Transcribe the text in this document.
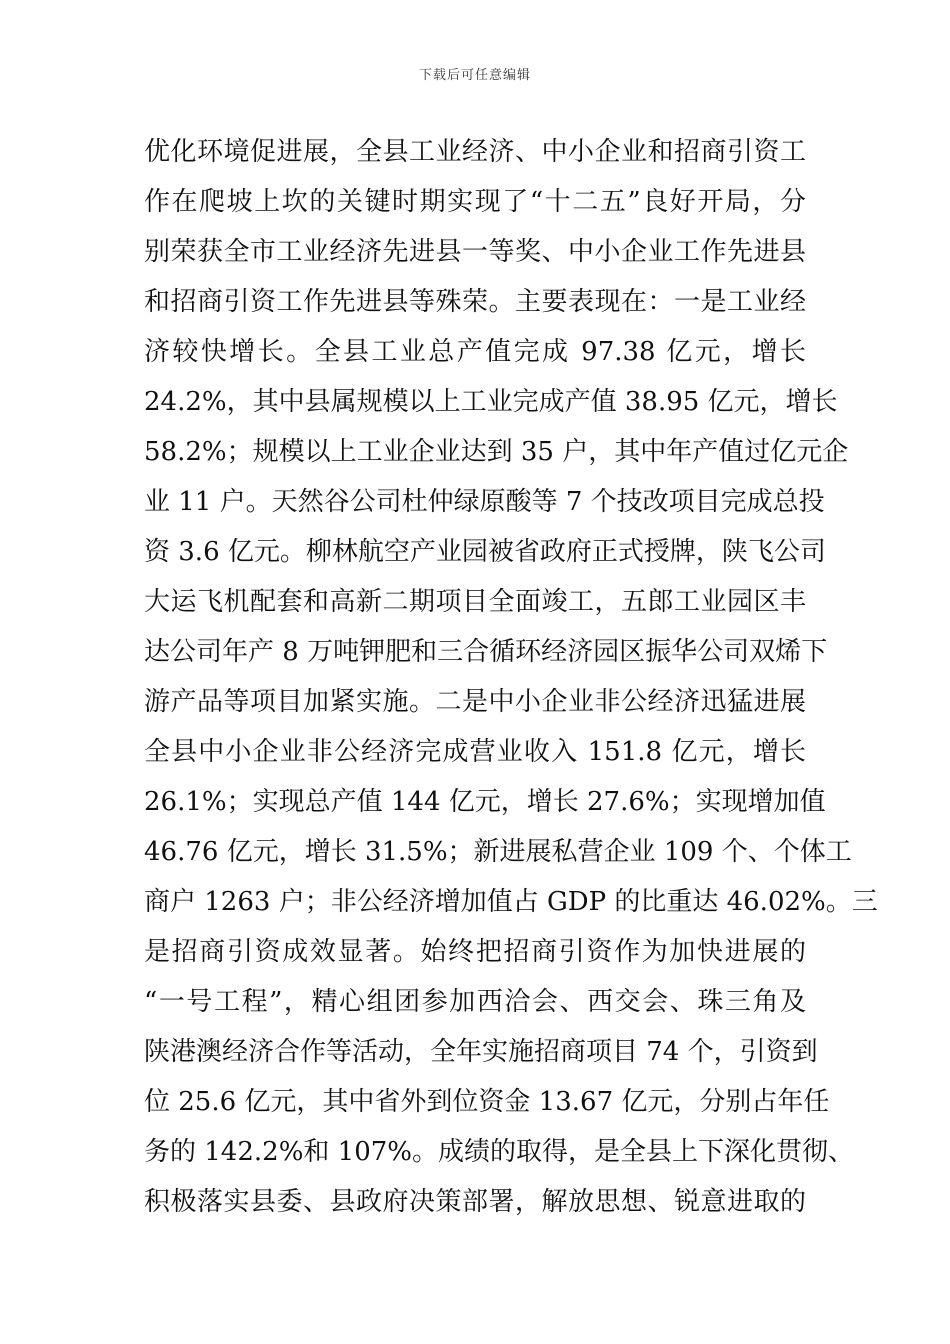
下载后可任意编辑
优化环境促进展，全县工业经济、中小企业和招商引资工
作在爬坡上坎的关键时期实现了“十二五”良好开局，分
别荣获全市工业经济先进县一等奖、中小企业工作先进县
和招商引资工作先进县等殊荣。主要表现在：一是工业经
济较快增长。全县工业总产值完成 97.38 亿元，增长
24.2%，其中县属规模以上工业完成产值 38.95 亿元，增长
58.2%；规模以上工业企业达到 35 户，其中年产值过亿元企
业 11 户。天然谷公司杜仲绿原酸等 7 个技改项目完成总投
资 3.6 亿元。柳林航空产业园被省政府正式授牌，陕飞公司
大运飞机配套和高新二期项目全面竣工，五郎工业园区丰
达公司年产 8 万吨钾肥和三合循环经济园区振华公司双烯下
游产品等项目加紧实施。二是中小企业非公经济迅猛进展
全县中小企业非公经济完成营业收入 151.8 亿元，增长
26.1%；实现总产值 144 亿元，增长 27.6%；实现增加值
46.76 亿元，增长 31.5%；新进展私营企业 109 个、个体工
商户 1263 户；非公经济增加值占 GDP 的比重达 46.02%。三
是招商引资成效显著。始终把招商引资作为加快进展的
“一号工程”，精心组团参加西洽会、西交会、珠三角及
陕港澳经济合作等活动，全年实施招商项目 74 个，引资到
位 25.6 亿元，其中省外到位资金 13.67 亿元，分别占年任
务的 142.2%和 107%。成绩的取得，是全县上下深化贯彻、
积极落实县委、县政府决策部署，解放思想、锐意进取的
